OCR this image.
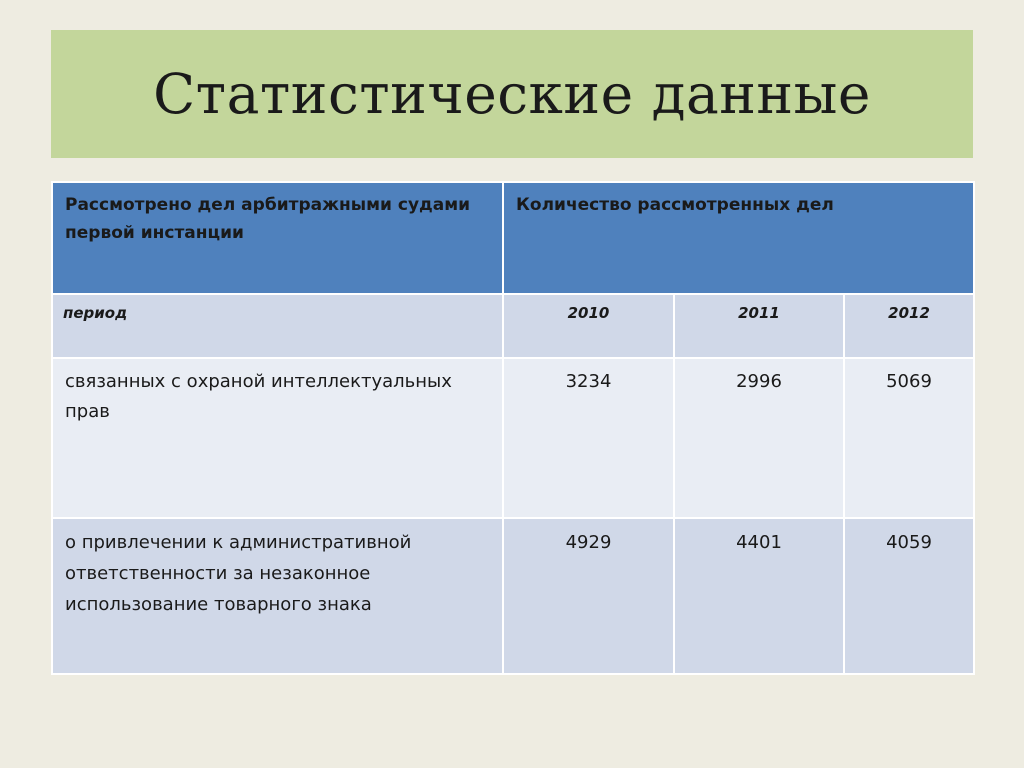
Статистические данные
Рассмотрено дел арбитражными судами первой инстанции	Количество рассмотренных дел		
период	2010	2011	2012
связанных с охраной интеллектуальных прав	3234	2996	5069
о привлечении к административной ответственности за незаконное использование товарного знака	4929	4401	4059
